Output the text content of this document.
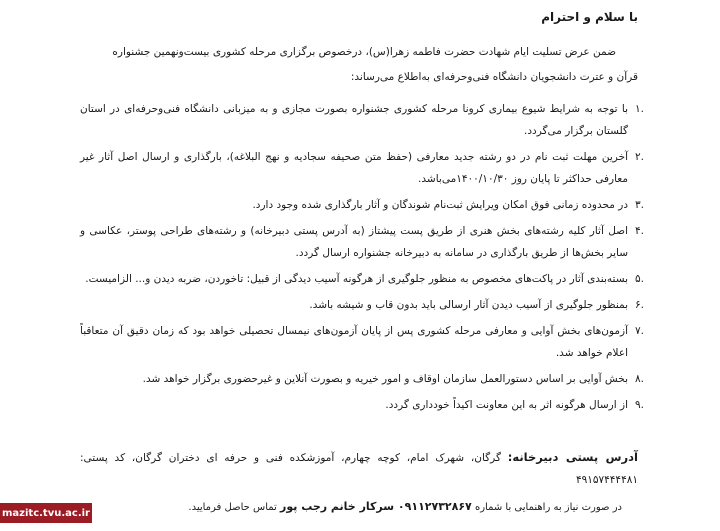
با سلام و احترام

ضمن عرض تسلیت ایام شهادت حضرت فاطمه زهرا(س)، درخصوص برگزاری مرحله کشوری بیست‌ونهمین جشنواره

قرآن و عترت دانشجویان دانشگاه فنی‌وحرفه‌ای به‌اطلاع می‌رساند:

.۱
با توجه به شرایط شیوع بیماری کرونا مرحله کشوری جشنواره بصورت مجازی و به میزبانی دانشگاه فنی‌وحرفه‌ای در استان گلستان برگزار می‌گردد.
.۲
آخرین مهلت ثبت نام در دو رشته جدید معارفی (حفظ متن صحیفه سجادیه و نهج البلاغه)، بارگذاری و ارسال اصل آثار غیر معارفی حداکثر تا پایان روز ۱۴۰۰/۱۰/۳۰می‌باشد.
.۳
در محدوده زمانی فوق امکان ویرایش ثبت‌نام شوندگان و آثار بارگذاری شده وجود دارد.
.۴
اصل آثار کلیه رشته‌های بخش هنری از طریق پست پیشتاز (به آدرس پستی دبیرخانه) و رشته‌های طراحی پوستر، عکاسی و سایر بخش‌ها از طریق بارگذاری در سامانه به دبیرخانه جشنواره ارسال گردد.
.۵
بسته‌بندی آثار در پاکت‌های مخصوص به منظور جلوگیری از هرگونه آسیب دیدگی از قبیل: تاخوردن، ضربه دیدن و... الزامیست.
.۶
بمنظور جلوگیری از آسیب دیدن آثار ارسالی باید بدون قاب و شیشه باشد.
.۷
آزمون‌های بخش آوایی و معارفی مرحله کشوری پس از پایان آزمون‌های نیمسال تحصیلی خواهد بود که زمان دقیق آن متعاقباً اعلام خواهد شد.
.۸
بخش آوایی بر اساس دستورالعمل سازمان اوقاف و امور خیریه و بصورت آنلاین و غیرحضوری برگزار خواهد شد.
.۹
از ارسال هرگونه اثر به این معاونت اکیداً خودداری گردد.
آدرس پستی دبیرخانه: گرگان، شهرک امام، کوچه چهارم، آموزشکده فنی و حرفه ای دختران گرگان، کد پستی: ۴۹۱۵۷۴۴۴۴۸۱
در صورت نیاز به راهنمایی با شماره ۰۹۱۱۲۷۳۲۸۶۷ سرکار خانم رجب پور تماس حاصل فرمایید.
mazitc.tvu.ac.ir
